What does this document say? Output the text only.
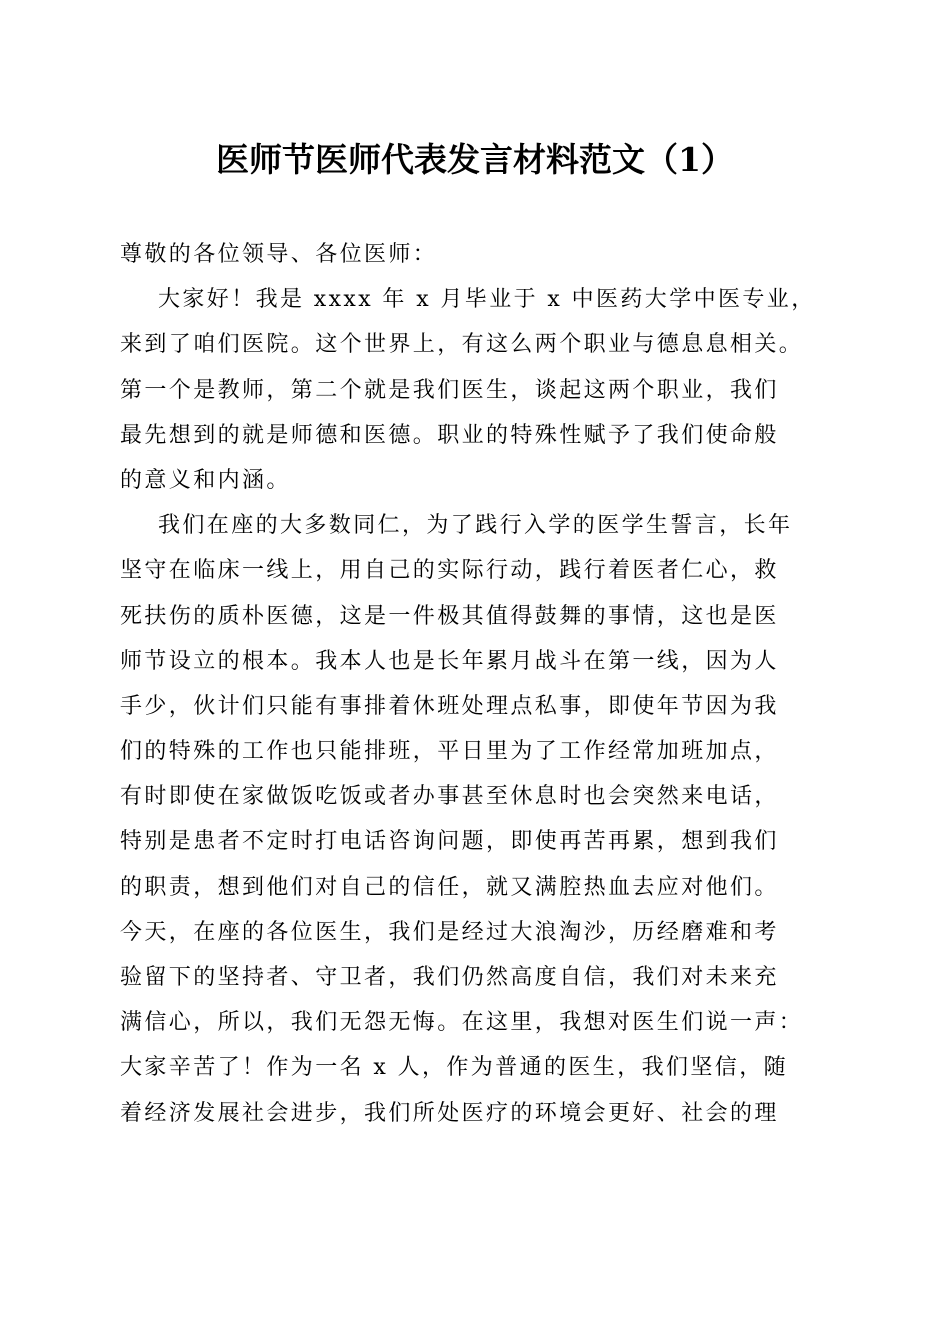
医师节医师代表发言材料范文（1）
尊敬的各位领导、各位医师：
大家好！我是 xxxx 年 x 月毕业于 x 中医药大学中医专业，
来到了咱们医院。这个世界上，有这么两个职业与德息息相关。
第一个是教师，第二个就是我们医生，谈起这两个职业，我们
最先想到的就是师德和医德。职业的特殊性赋予了我们使命般
的意义和内涵。
我们在座的大多数同仁，为了践行入学的医学生誓言，长年
坚守在临床一线上，用自己的实际行动，践行着医者仁心，救
死扶伤的质朴医德，这是一件极其值得鼓舞的事情，这也是医
师节设立的根本。我本人也是长年累月战斗在第一线，因为人
手少，伙计们只能有事排着休班处理点私事，即使年节因为我
们的特殊的工作也只能排班，平日里为了工作经常加班加点，
有时即使在家做饭吃饭或者办事甚至休息时也会突然来电话，
特别是患者不定时打电话咨询问题，即使再苦再累，想到我们
的职责，想到他们对自己的信任，就又满腔热血去应对他们。
今天，在座的各位医生，我们是经过大浪淘沙，历经磨难和考
验留下的坚持者、守卫者，我们仍然高度自信，我们对未来充
满信心，所以，我们无怨无悔。在这里，我想对医生们说一声：
大家辛苦了！作为一名 x 人，作为普通的医生，我们坚信，随
着经济发展社会进步，我们所处医疗的环境会更好、社会的理
